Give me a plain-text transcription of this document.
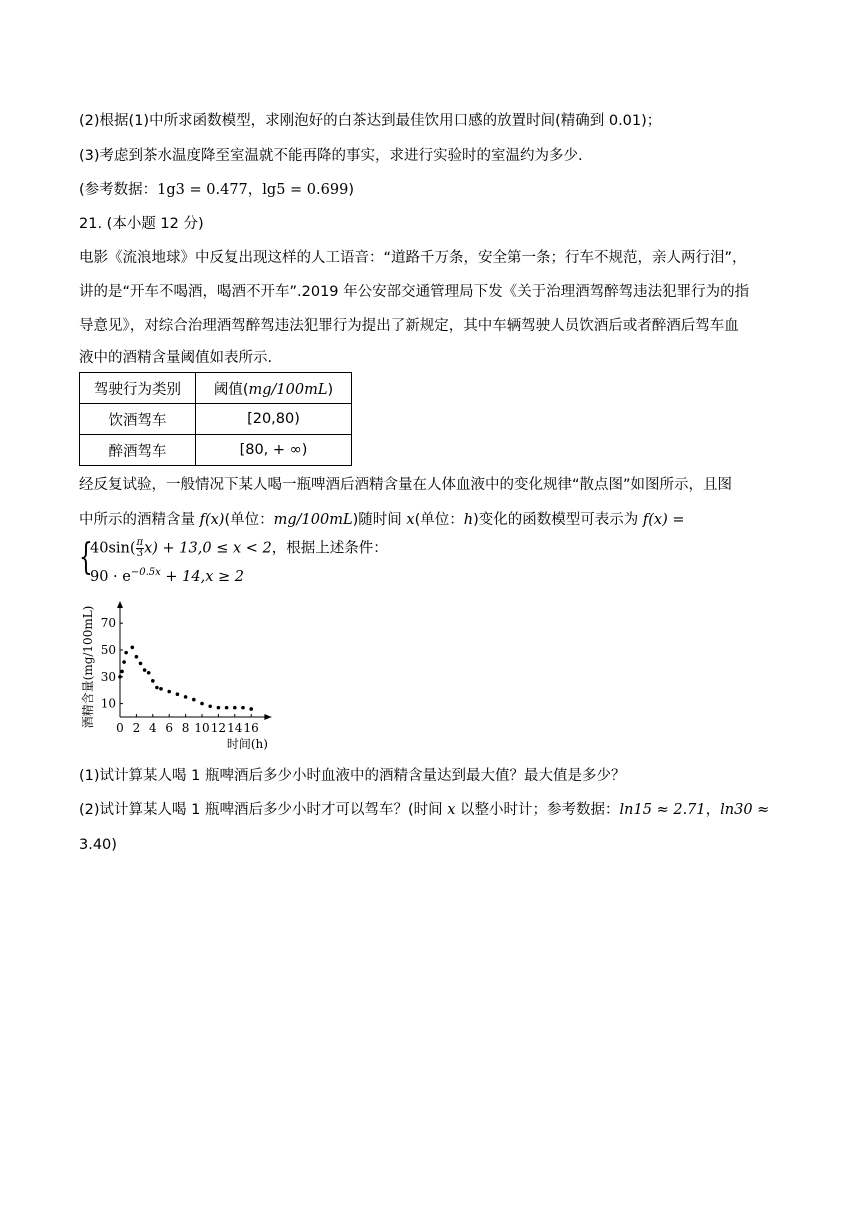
(2)根据(1)中所求函数模型，求刚泡好的白茶达到最佳饮用口感的放置时间(精确到 0.01)；
(3)考虑到茶水温度降至室温就不能再降的事实，求进行实验时的室温约为多少.
(参考数据：1g3 = 0.477，lg5 = 0.699)
21. (本小题 12 分)
电影《流浪地球》中反复出现这样的人工语音：“道路千万条，安全第一条；行车不规范，亲人两行泪”，
讲的是“开车不喝酒，喝酒不开车”.2019 年公安部交通管理局下发《关于治理酒驾醉驾违法犯罪行为的指
导意见》，对综合治理酒驾醉驾违法犯罪行为提出了新规定，其中车辆驾驶人员饮酒后或者醉酒后驾车血
液中的酒精含量阈值如表所示.
驾驶行为类别	阈值(mg/100mL)
饮酒驾车	[20,80)
醉酒驾车	[80, + ∞)
经反复试验，一般情况下某人喝一瓶啤酒后酒精含量在人体血液中的变化规律“散点图”如图所示，且图
中所示的酒精含量 f(x)(单位：mg/100mL)随时间 x(单位：h)变化的函数模型可表示为 f(x) =
{
$40\sin( \frac{\pi}{3} x) + 13,0 \le x < 2$，根据上述条件：
$90 \cdot e^{-0.5x} + 14,x \ge 2$
0 2 4 6 8 10 12 14 16
10
30
50
70
酒精含量(mg/100mL)
时间(h)
(1)试计算某人喝 1 瓶啤酒后多少小时血液中的酒精含量达到最大值？最大值是多少？
(2)试计算某人喝 1 瓶啤酒后多少小时才可以驾车？(时间 x 以整小时计；参考数据：ln15 ≈ 2.71，ln30 ≈
3.40)
